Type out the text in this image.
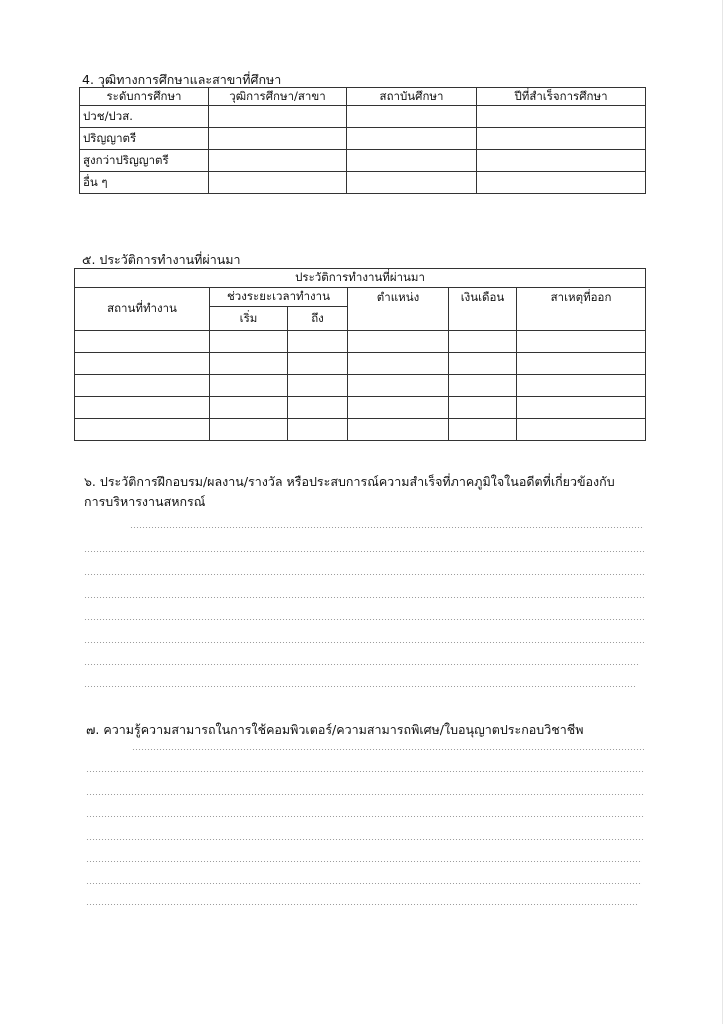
4. วุฒิทางการศึกษาและสาขาที่ศึกษา
ระดับการศึกษา	วุฒิการศึกษา/สาขา	สถาบันศึกษา	ปีที่สำเร็จการศึกษา
ปวช/ปวส.			
ปริญญาตรี			
สูงกว่าปริญญาตรี			
อื่น ๆ			
๕. ประวัติการทำงานที่ผ่านมา
ประวัติการทำงานที่ผ่านมา					
สถานที่ทำงาน	ช่วงระยะเวลาทำงาน		ตำแหน่ง	เงินเดือน	สาเหตุที่ออก
	เริ่ม	ถึง			

๖. ประวัติการฝึกอบรม/ผลงาน/รางวัล หรือประสบการณ์ความสำเร็จที่ภาคภูมิใจในอดีตที่เกี่ยวข้องกับ
การบริหารงานสหกรณ์
๗. ความรู้ความสามารถในการใช้คอมพิวเตอร์/ความสามารถพิเศษ/ใบอนุญาตประกอบวิชาชีพ
